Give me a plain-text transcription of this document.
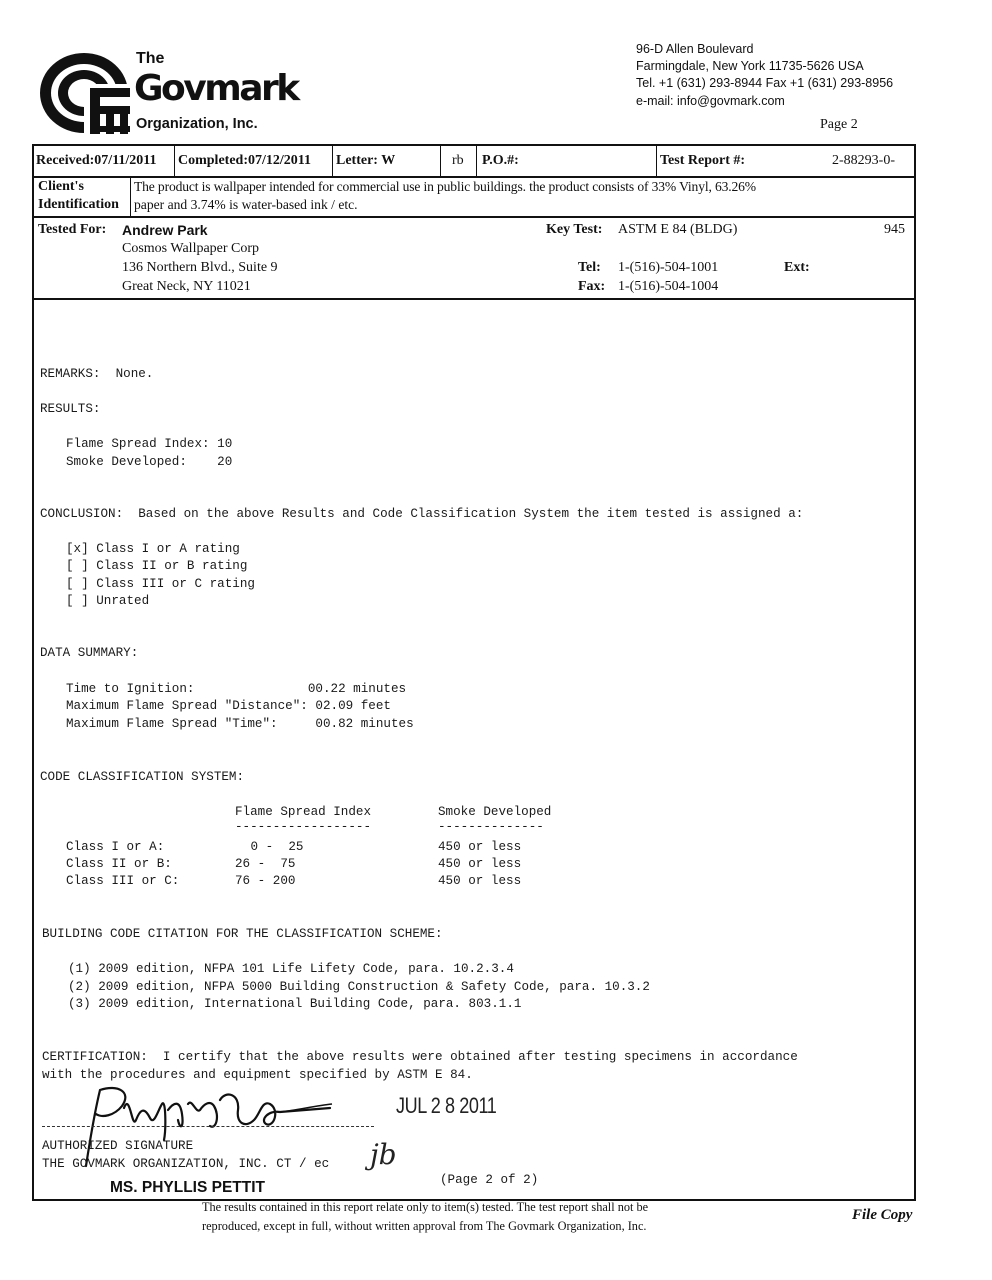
The
Govmark
Organization, Inc.
96-D Allen Boulevard
Farmingdale, New York 11735-5626 USA
Tel. +1 (631) 293-8944 Fax +1 (631) 293-8956
e-mail: info@govmark.com
Page 2
Received:07/11/2011 Completed:07/12/2011 Letter: W	rb P.O.#:	Test Report #:	2-88293-0-
Client's
Identification
The product is wallpaper intended for commercial use in public buildings. the product consists of 33% Vinyl, 63.26%
paper and 3.74% is water-based ink / etc.
Tested For: Andrew Park
Cosmos Wallpaper Corp
136 Northern Blvd., Suite 9
Great Neck, NY 11021
Key Test: ASTM E 84 (BLDG)	945
Tel: 1-(516)-504-1001	Ext:
Fax: 1-(516)-504-1004
REMARKS:  None.
RESULTS:
Flame Spread Index: 10
Smoke Developed:    20
CONCLUSION:  Based on the above Results and Code Classification System the item tested is assigned a:
[x] Class I or A rating
[ ] Class II or B rating
[ ] Class III or C rating
[ ] Unrated
DATA SUMMARY:
Time to Ignition:               00.22 minutes
Maximum Flame Spread "Distance": 02.09 feet
Maximum Flame Spread "Time":     00.82 minutes
CODE CLASSIFICATION SYSTEM:
Flame Spread Index
------------------
Smoke Developed
--------------
Class I or A:	0 -  25	450 or less
Class II or B:	26 -  75	450 or less
Class III or C:	76 - 200	450 or less
BUILDING CODE CITATION FOR THE CLASSIFICATION SCHEME:
(1) 2009 edition, NFPA 101 Life Lifety Code, para. 10.2.3.4
(2) 2009 edition, NFPA 5000 Building Construction & Safety Code, para. 10.3.2
(3) 2009 edition, International Building Code, para. 803.1.1
CERTIFICATION:  I certify that the above results were obtained after testing specimens in accordance
with the procedures and equipment specified by ASTM E 84.
JUL 2 8 2011
AUTHORIZED SIGNATURE
THE GOVMARK ORGANIZATION, INC. CT / ec jb
(Page 2 of 2)
MS. PHYLLIS PETTIT
The results contained in this report relate only to item(s) tested. The test report shall not be
reproduced, except in full, without written approval from The Govmark Organization, Inc.
File Copy
